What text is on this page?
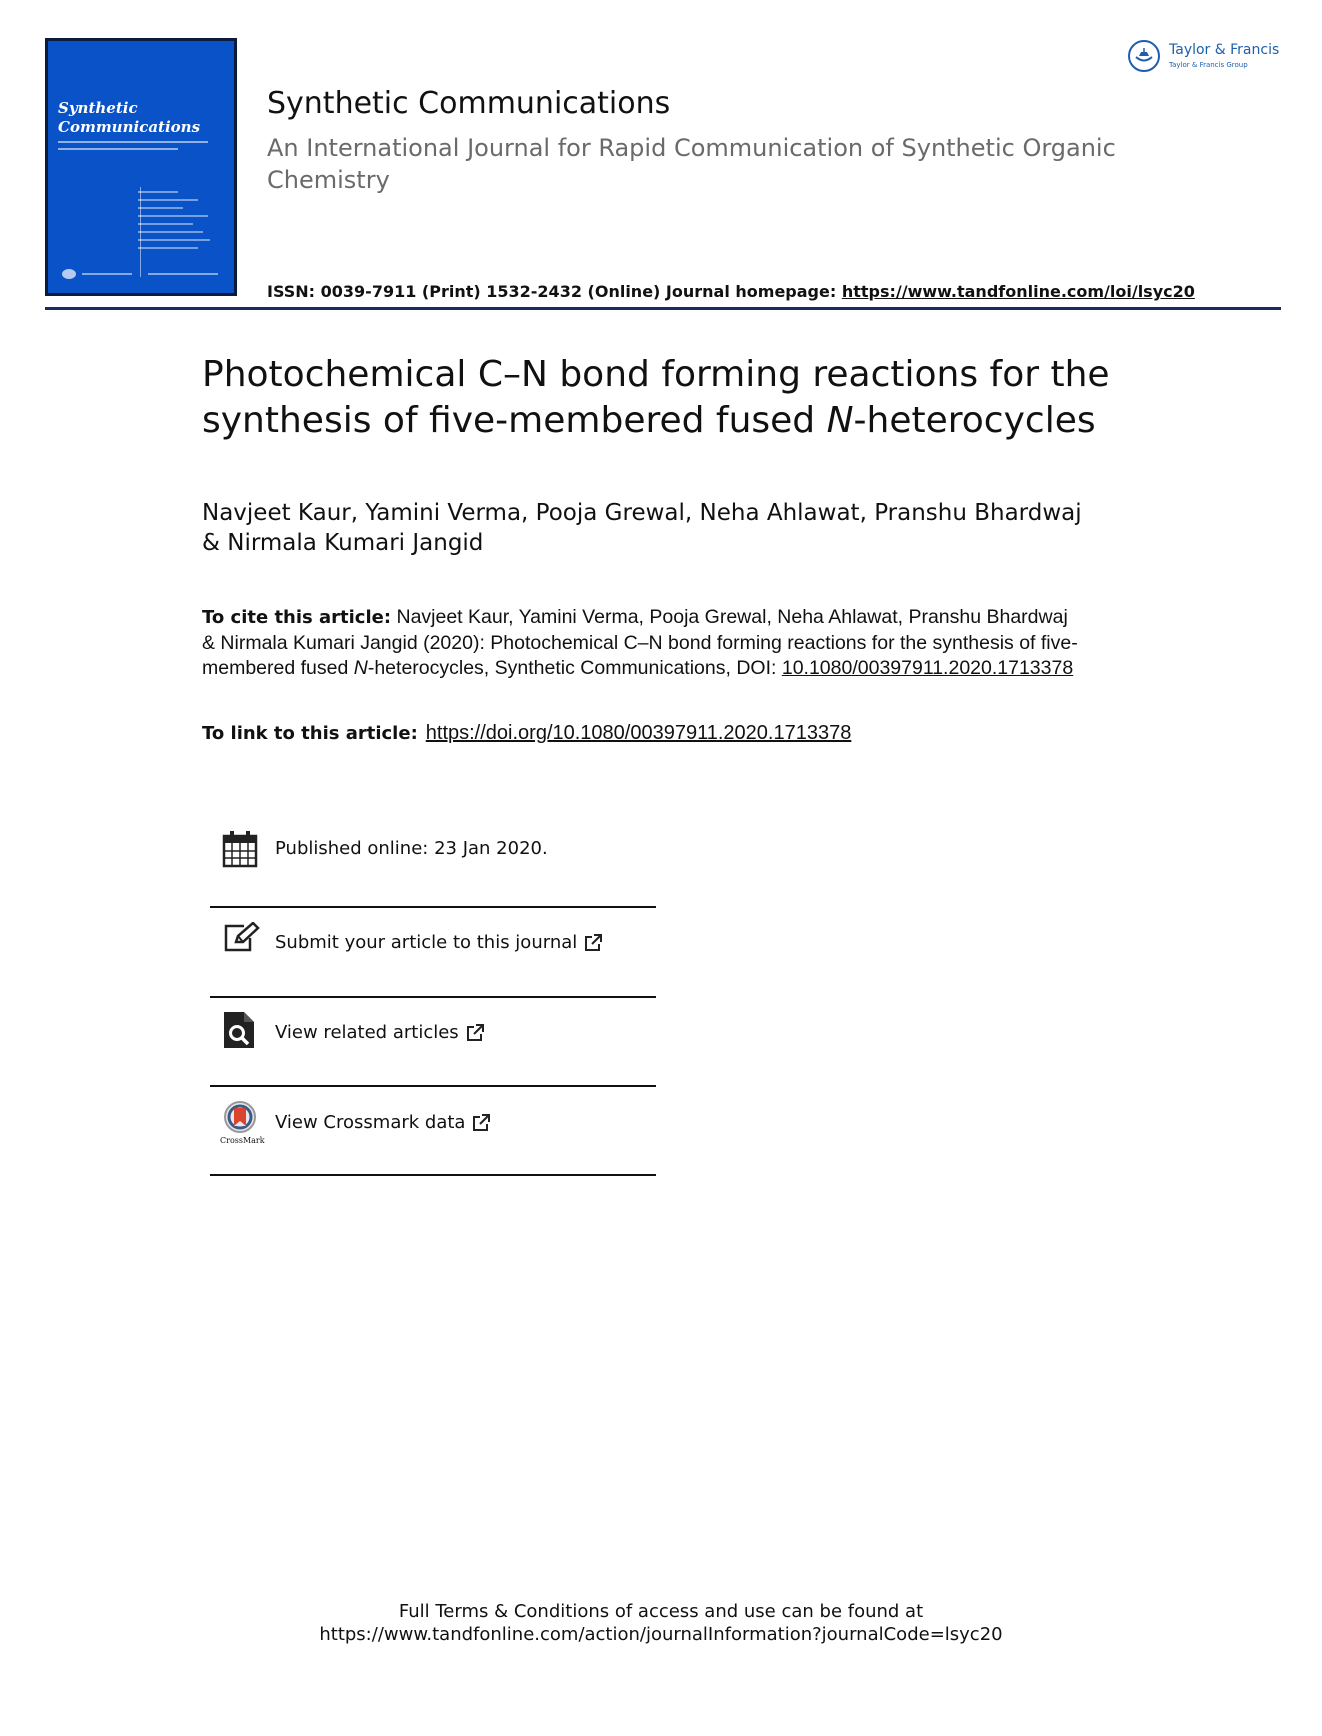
Synthetic
Communications
Taylor & Francis
Taylor & Francis Group
Synthetic Communications
An International Journal for Rapid Communication of Synthetic Organic Chemistry
ISSN: 0039-7911 (Print) 1532-2432 (Online) Journal homepage: https://www.tandfonline.com/loi/lsyc20
Photochemical C–N bond forming reactions for the synthesis of five-membered fused N-heterocycles
Navjeet Kaur, Yamini Verma, Pooja Grewal, Neha Ahlawat, Pranshu Bhardwaj & Nirmala Kumari Jangid
To cite this article: Navjeet Kaur, Yamini Verma, Pooja Grewal, Neha Ahlawat, Pranshu Bhardwaj & Nirmala Kumari Jangid (2020): Photochemical C–N bond forming reactions for the synthesis of five-membered fused N-heterocycles, Synthetic Communications, DOI: 10.1080/00397911.2020.1713378
To link to this article: https://doi.org/10.1080/00397911.2020.1713378
Published online: 23 Jan 2020.
Submit your article to this journal
View related articles
CrossMark
View Crossmark data
Full Terms & Conditions of access and use can be found at
https://www.tandfonline.com/action/journalInformation?journalCode=lsyc20
